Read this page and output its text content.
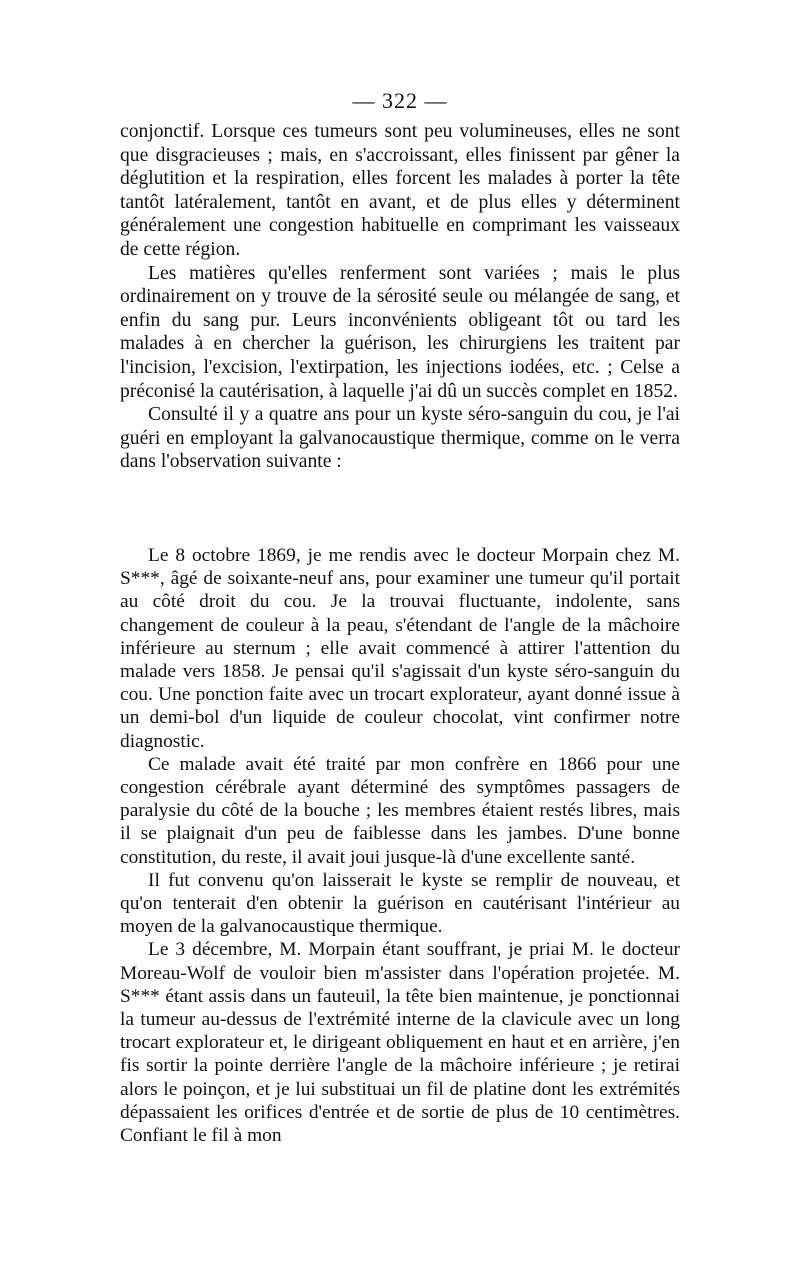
— 322 —

conjonctif. Lorsque ces tumeurs sont peu volumineuses, elles ne sont que disgracieuses ; mais, en s'accroissant, elles finissent par gêner la déglutition et la respiration, elles forcent les malades à porter la tête tantôt latéralement, tantôt en avant, et de plus elles y déterminent généralement une congestion habituelle en comprimant les vaisseaux de cette région.

Les matières qu'elles renferment sont variées ; mais le plus ordinairement on y trouve de la sérosité seule ou mélangée de sang, et enfin du sang pur. Leurs inconvénients obligeant tôt ou tard les malades à en chercher la guérison, les chirurgiens les traitent par l'incision, l'excision, l'extirpation, les injections iodées, etc. ; Celse a préconisé la cautérisation, à laquelle j'ai dû un succès complet en 1852.

Consulté il y a quatre ans pour un kyste séro-sanguin du cou, je l'ai guéri en employant la galvanocaustique thermique, comme on le verra dans l'observation suivante :

Le 8 octobre 1869, je me rendis avec le docteur Morpain chez M. S***, âgé de soixante-neuf ans, pour examiner une tumeur qu'il portait au côté droit du cou. Je la trouvai fluctuante, indolente, sans changement de couleur à la peau, s'étendant de l'angle de la mâchoire inférieure au sternum ; elle avait commencé à attirer l'attention du malade vers 1858. Je pensai qu'il s'agissait d'un kyste séro-sanguin du cou. Une ponction faite avec un trocart explorateur, ayant donné issue à un demi-bol d'un liquide de couleur chocolat, vint confirmer notre diagnostic.

Ce malade avait été traité par mon confrère en 1866 pour une congestion cérébrale ayant déterminé des symptômes passagers de paralysie du côté de la bouche ; les membres étaient restés libres, mais il se plaignait d'un peu de faiblesse dans les jambes. D'une bonne constitution, du reste, il avait joui jusque-là d'une excellente santé.

Il fut convenu qu'on laisserait le kyste se remplir de nouveau, et qu'on tenterait d'en obtenir la guérison en cautérisant l'intérieur au moyen de la galvanocaustique thermique.

Le 3 décembre, M. Morpain étant souffrant, je priai M. le docteur Moreau-Wolf de vouloir bien m'assister dans l'opération projetée. M. S*** étant assis dans un fauteuil, la tête bien maintenue, je ponctionnai la tumeur au-dessus de l'extrémité interne de la clavicule avec un long trocart explorateur et, le dirigeant obliquement en haut et en arrière, j'en fis sortir la pointe derrière l'angle de la mâchoire inférieure ; je retirai alors le poinçon, et je lui substituai un fil de platine dont les extrémités dépassaient les orifices d'entrée et de sortie de plus de 10 centimètres. Confiant le fil à mon
